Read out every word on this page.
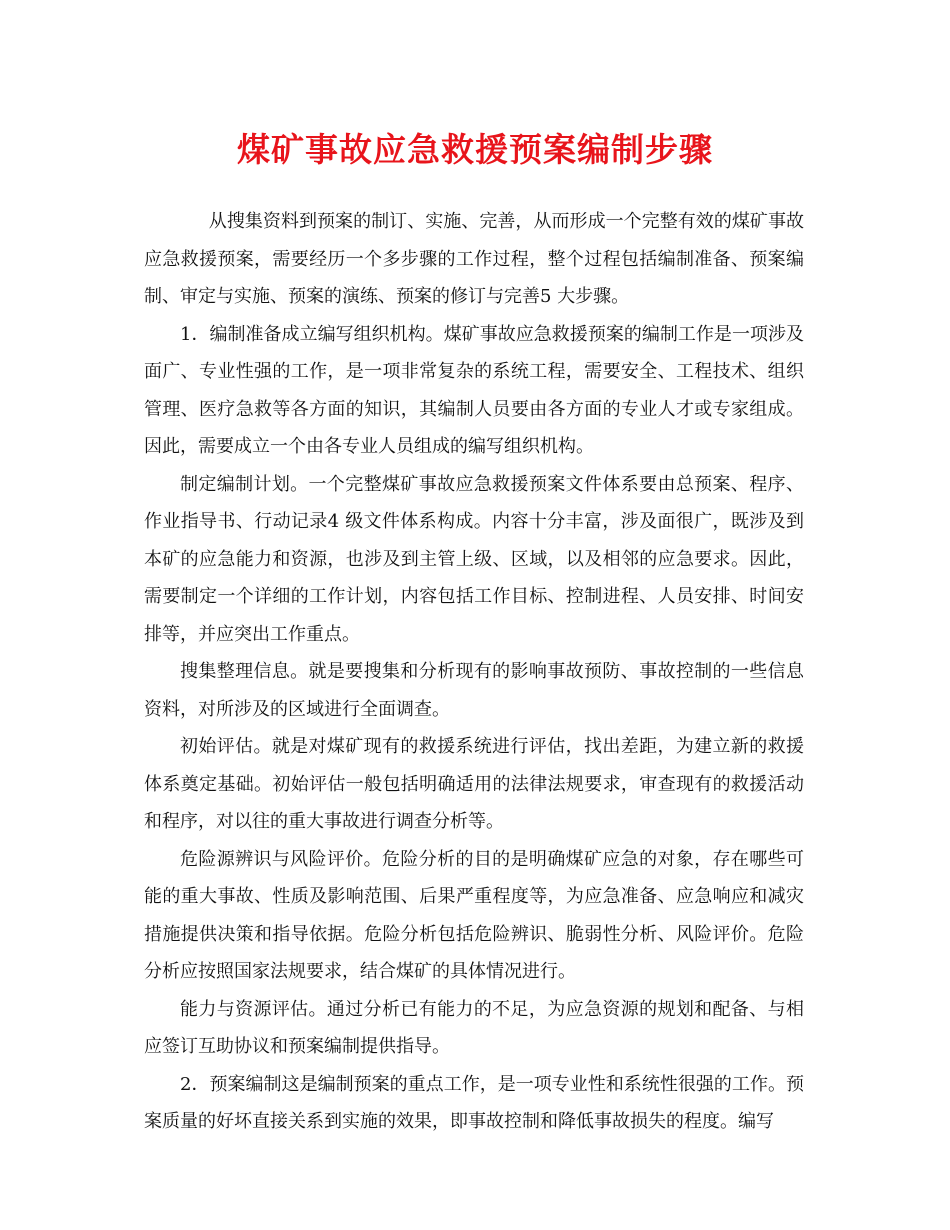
煤矿事故应急救援预案编制步骤

从搜集资料到预案的制订、实施、完善，从而形成一个完整有效的煤矿事故应急救援预案，需要经历一个多步骤的工作过程，整个过程包括编制准备、预案编制、审定与实施、预案的演练、预案的修订与完善5 大步骤。

1．编制准备成立编写组织机构。煤矿事故应急救援预案的编制工作是一项涉及面广、专业性强的工作，是一项非常复杂的系统工程，需要安全、工程技术、组织管理、医疗急救等各方面的知识，其编制人员要由各方面的专业人才或专家组成。因此，需要成立一个由各专业人员组成的编写组织机构。

制定编制计划。一个完整煤矿事故应急救援预案文件体系要由总预案、程序、作业指导书、行动记录4 级文件体系构成。内容十分丰富，涉及面很广，既涉及到本矿的应急能力和资源，也涉及到主管上级、区域，以及相邻的应急要求。因此，需要制定一个详细的工作计划，内容包括工作目标、控制进程、人员安排、时间安排等，并应突出工作重点。

搜集整理信息。就是要搜集和分析现有的影响事故预防、事故控制的一些信息资料，对所涉及的区域进行全面调查。

初始评估。就是对煤矿现有的救援系统进行评估，找出差距，为建立新的救援体系奠定基础。初始评估一般包括明确适用的法律法规要求，审查现有的救援活动和程序，对以往的重大事故进行调查分析等。

危险源辨识与风险评价。危险分析的目的是明确煤矿应急的对象，存在哪些可能的重大事故、性质及影响范围、后果严重程度等，为应急准备、应急响应和减灾措施提供决策和指导依据。危险分析包括危险辨识、脆弱性分析、风险评价。危险分析应按照国家法规要求，结合煤矿的具体情况进行。

能力与资源评估。通过分析已有能力的不足，为应急资源的规划和配备、与相应签订互助协议和预案编制提供指导。

2．预案编制这是编制预案的重点工作，是一项专业性和系统性很强的工作。预案质量的好坏直接关系到实施的效果，即事故控制和降低事故损失的程度。编写
